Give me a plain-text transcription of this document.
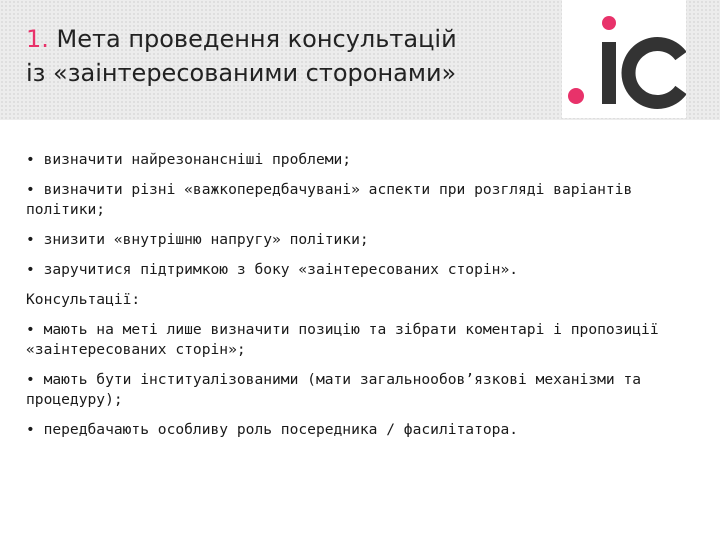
1. Мета проведення консультацій
із «заінтересованими сторонами»

• визначити найрезонансніші проблеми;

• визначити різні «важкопередбачувані» аспекти при розгляді варіантів політики;

• знизити «внутрішню напругу» політики;

• заручитися підтримкою з боку «заінтересованих сторін».

Консультації:

• мають на меті лише визначити позицію та зібрати коментарі і пропозиції «заінтересованих сторін»;

• мають бути інституалізованими (мати загальнообов’язкові механізми та процедуру);

• передбачають особливу роль посередника / фасилітатора.
